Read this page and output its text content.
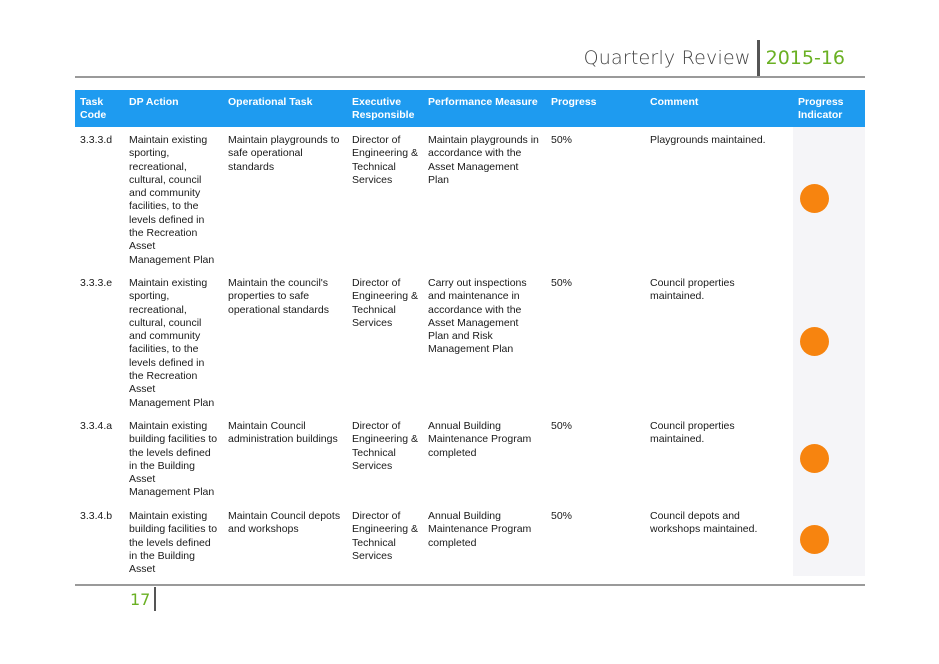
Quarterly Review 2015-16
Task Code	DP Action	Operational Task	Executive Responsible	Performance Measure	Progress	Comment	Progress Indicator
3.3.3.d	Maintain existing sporting, recreational, cultural, council and community facilities, to the levels defined in the Recreation Asset Management Plan	Maintain playgrounds to safe operational standards	Director of Engineering & Technical Services	Maintain playgrounds in accordance with the Asset Management Plan	50%	Playgrounds maintained.	

3.3.3.e	Maintain existing sporting, recreational, cultural, council and community facilities, to the levels defined in the Recreation Asset Management Plan	Maintain the council's properties to safe operational standards	Director of Engineering & Technical Services	Carry out inspections and maintenance in accordance with the Asset Management Plan and Risk Management Plan	50%	Council properties maintained.	

3.3.4.a	Maintain existing building facilities to the levels defined in the Building Asset Management Plan	Maintain Council administration buildings	Director of Engineering & Technical Services	Annual Building Maintenance Program completed	50%	Council properties maintained.	

3.3.4.b	Maintain existing building facilities to the levels defined in the Building Asset	Maintain Council depots and workshops	Director of Engineering & Technical Services	Annual Building Maintenance Program completed	50%	Council depots and workshops maintained.	
17
